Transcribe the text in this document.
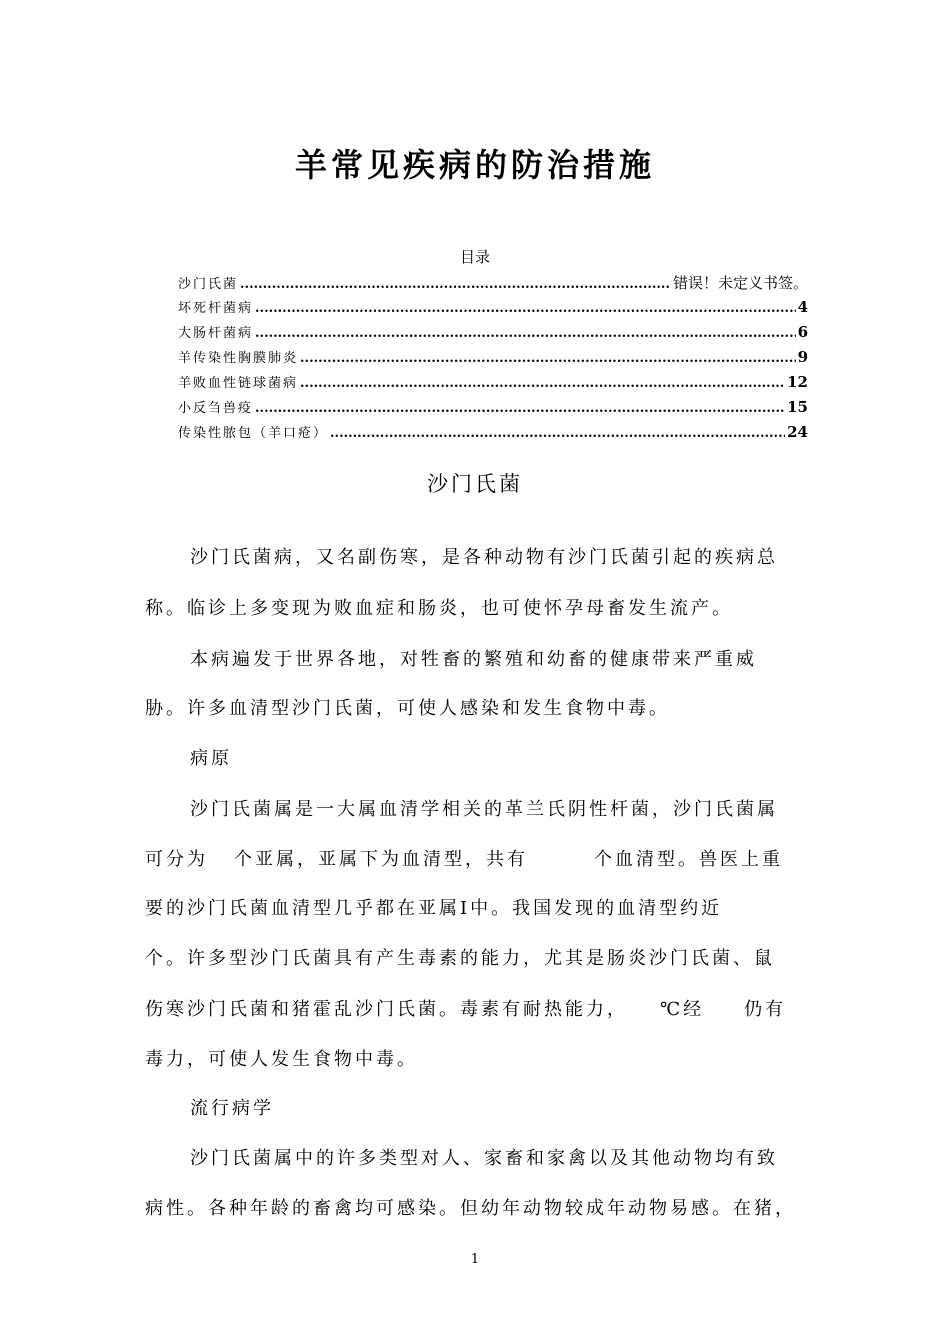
羊常见疾病的防治措施
目录
沙门氏菌 .....	错误！未定义书签。
坏死杆菌病 .....	4
大肠杆菌病 .....	6
羊传染性胸膜肺炎 .....	9
羊败血性链球菌病 .....	12
小反刍兽疫 .....	15
传染性脓包（羊口疮） .....	24
沙门氏菌
沙门氏菌病，又名副伤寒，是各种动物有沙门氏菌引起的疾病总
称。临诊上多变现为败血症和肠炎，也可使怀孕母畜发生流产。
本病遍发于世界各地，对牲畜的繁殖和幼畜的健康带来严重威
胁。许多血清型沙门氏菌，可使人感染和发生食物中毒。
病原
沙门氏菌属是一大属血清学相关的革兰氏阴性杆菌，沙门氏菌属
可分为 个亚属，亚属下为血清型，共有	个血清型。兽医上重
要的沙门氏菌血清型几乎都在亚属Ⅰ中。我国发现的血清型约近
个。许多型沙门氏菌具有产生毒素的能力，尤其是肠炎沙门氏菌、鼠
伤寒沙门氏菌和猪霍乱沙门氏菌。毒素有耐热能力， ℃经 仍有
毒力，可使人发生食物中毒。
流行病学
沙门氏菌属中的许多类型对人、家畜和家禽以及其他动物均有致
病性。各种年龄的畜禽均可感染。但幼年动物较成年动物易感。在猪，
1
